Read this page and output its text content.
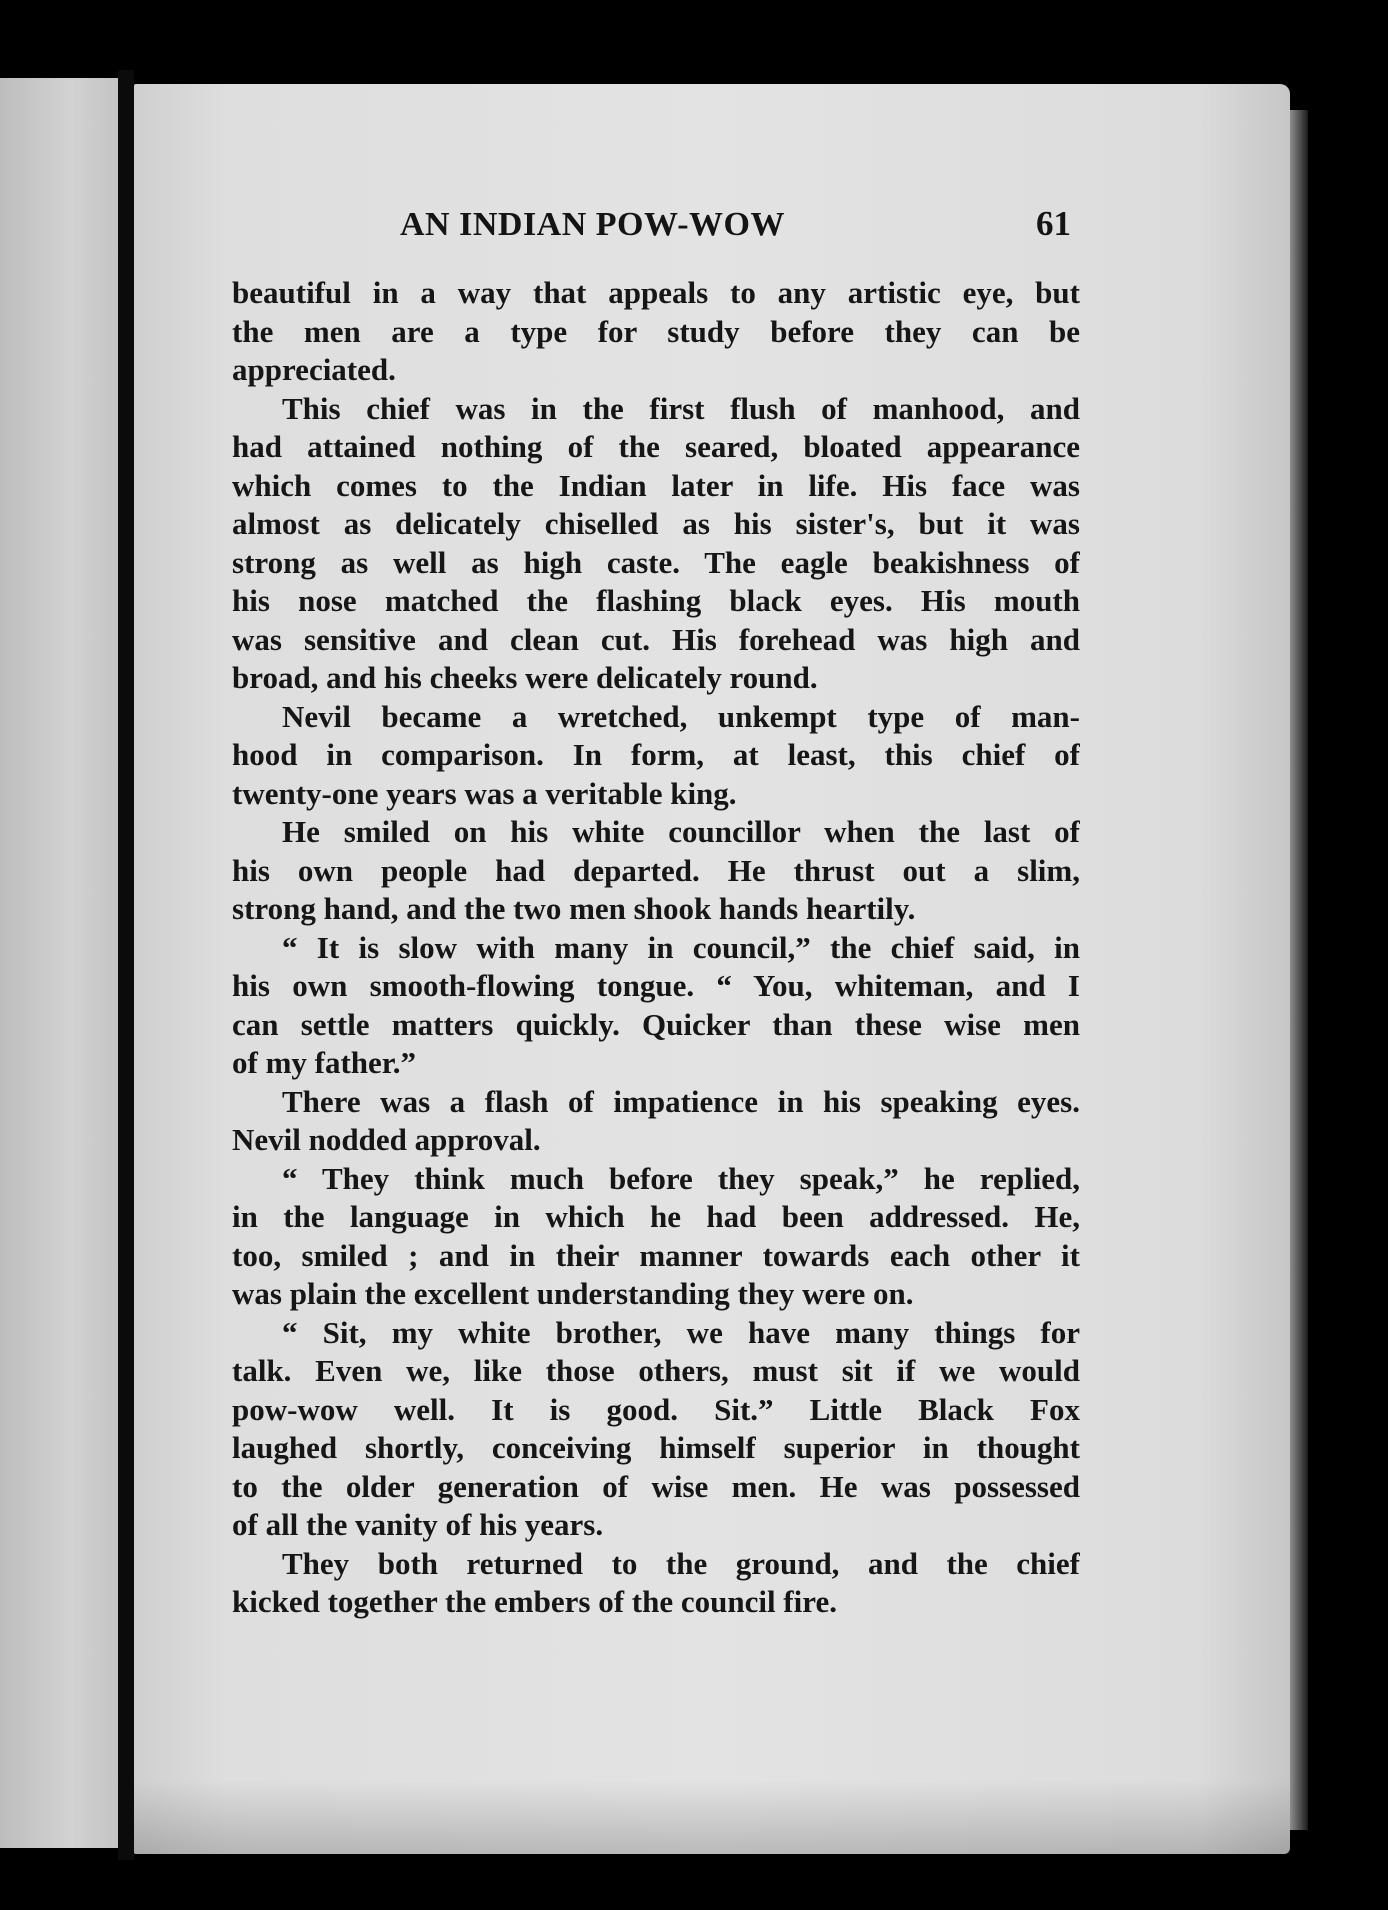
AN INDIAN POW-WOW	61

beautiful in a way that appeals to any artistic eye, but
the men are a type for study before they can be
appreciated.
This chief was in the first flush of manhood, and
had attained nothing of the seared, bloated appearance
which comes to the Indian later in life. His face was
almost as delicately chiselled as his sister's, but it was
strong as well as high caste. The eagle beakishness of
his nose matched the flashing black eyes. His mouth
was sensitive and clean cut. His forehead was high and
broad, and his cheeks were delicately round.
Nevil became a wretched, unkempt type of man-
hood in comparison. In form, at least, this chief of
twenty-one years was a veritable king.
He smiled on his white councillor when the last of
his own people had departed. He thrust out a slim,
strong hand, and the two men shook hands heartily.
“ It is slow with many in council,” the chief said, in
his own smooth-flowing tongue. “ You, whiteman, and I
can settle matters quickly. Quicker than these wise men
of my father.”
There was a flash of impatience in his speaking eyes.
Nevil nodded approval.
“ They think much before they speak,” he replied,
in the language in which he had been addressed. He,
too, smiled ; and in their manner towards each other it
was plain the excellent understanding they were on.
“ Sit, my white brother, we have many things for
talk. Even we, like those others, must sit if we would
pow-wow well. It is good. Sit.” Little Black Fox
laughed shortly, conceiving himself superior in thought
to the older generation of wise men. He was possessed
of all the vanity of his years.
They both returned to the ground, and the chief
kicked together the embers of the council fire.
